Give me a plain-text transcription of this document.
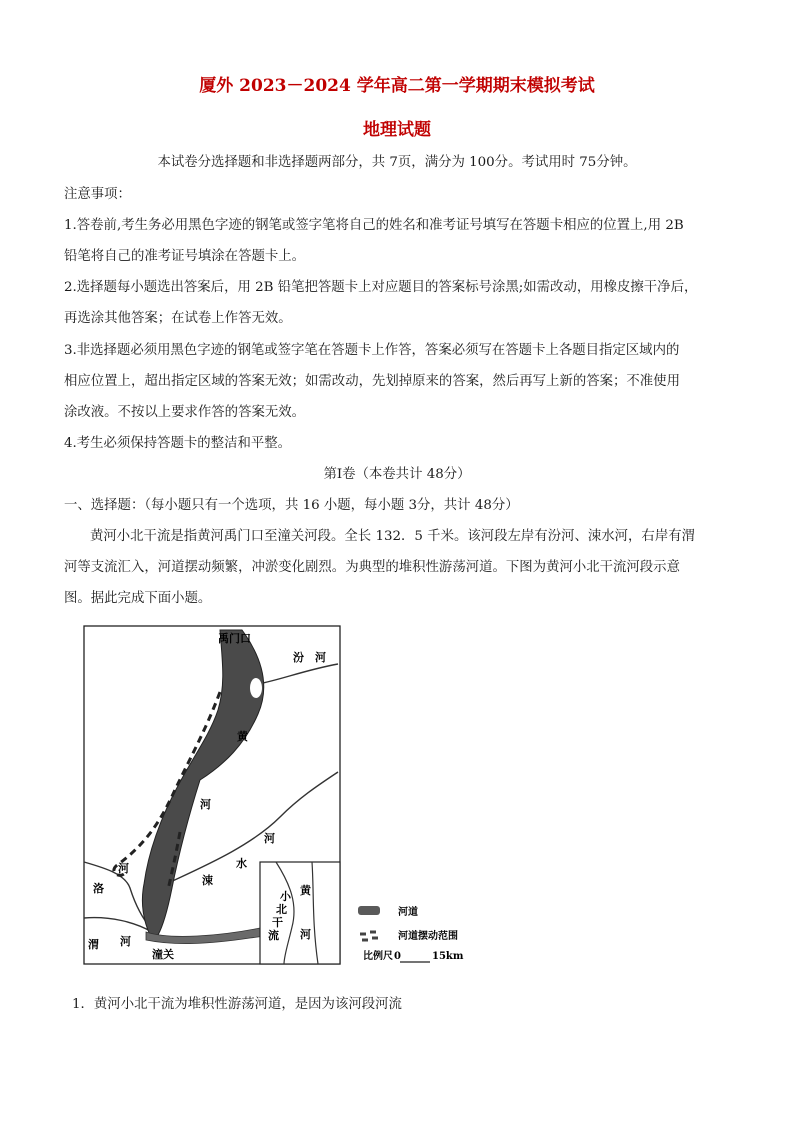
厦外 2023－2024 学年高二第一学期期末模拟考试
地理试题
本试卷分选择题和非选择题两部分，共 7页，满分为 100分。考试用时 75分钟。
注意事项：
1.答卷前,考生务必用黑色字迹的钢笔或签字笔将自己的姓名和准考证号填写在答题卡相应的位置上,用 2B
铅笔将自己的准考证号填涂在答题卡上。
2.选择题每小题选出答案后，用 2B 铅笔把答题卡上对应题目的答案标号涂黑;如需改动，用橡皮擦干净后，
再选涂其他答案；在试卷上作答无效。
3.非选择题必须用黑色字迹的钢笔或签字笔在答题卡上作答，答案必须写在答题卡上各题目指定区域内的
相应位置上，超出指定区域的答案无效；如需改动，先划掉原来的答案，然后再写上新的答案；不准使用
涂改液。不按以上要求作答的答案无效。
4.考生必须保持答题卡的整洁和平整。
第Ⅰ卷（本卷共计 48分）
一、选择题：（每小题只有一个选项，共 16 小题，每小题 3分，共计 48分）
黄河小北干流是指黄河禹门口至潼关河段。全长 132．5 千米。该河段左岸有汾河、涑水河，右岸有渭
河等支流汇入，河道摆动频繁，冲淤变化剧烈。为典型的堆积性游荡河道。下图为黄河小北干流河段示意
图。据此完成下面小题。
禹门口
汾 河
黄
河
涑
水
河
洛
河
渭 河
潼关
黄
河
小
北
干
流
河道
河道摆动范围
比例尺 0	15km
1．黄河小北干流为堆积性游荡河道，是因为该河段河流
